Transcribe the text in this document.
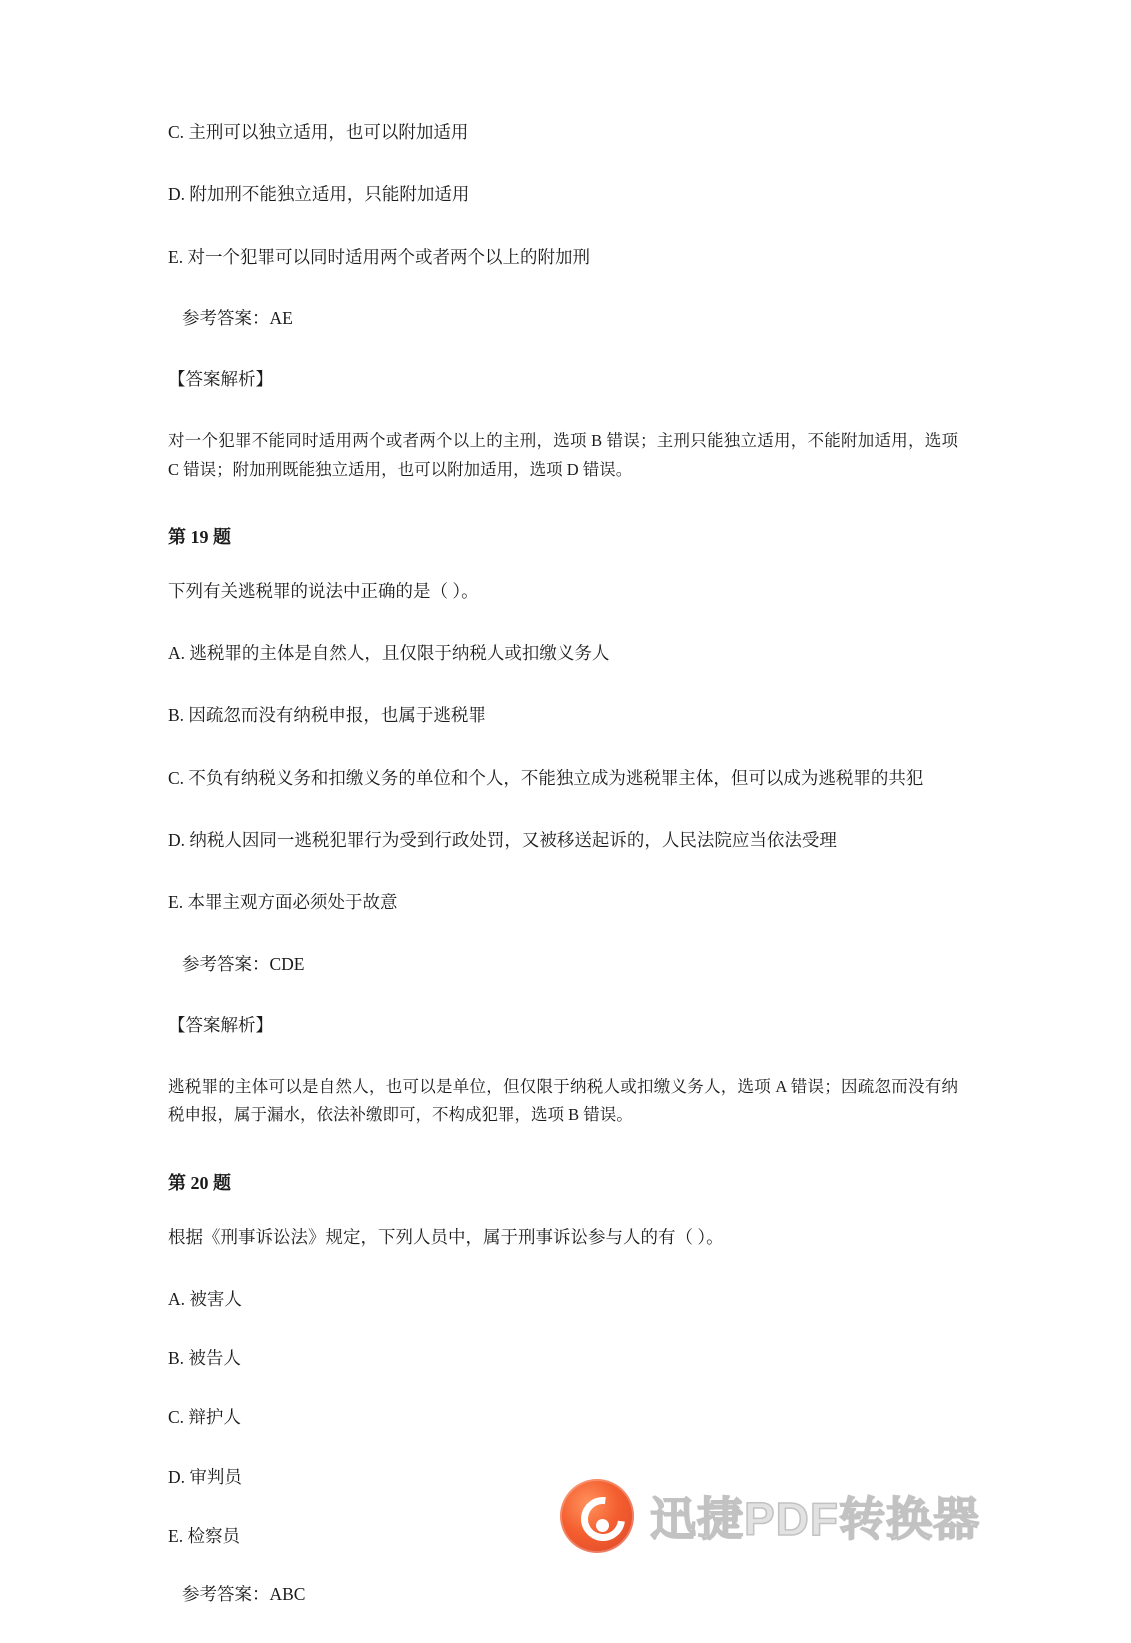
C. 主刑可以独立适用，也可以附加适用
D. 附加刑不能独立适用，只能附加适用
E. 对一个犯罪可以同时适用两个或者两个以上的附加刑
参考答案：AE
【答案解析】
对一个犯罪不能同时适用两个或者两个以上的主刑，选项 B 错误；主刑只能独立适用，不能附加适用，选项 C 错误；附加刑既能独立适用，也可以附加适用，选项 D 错误。
第 19 题
下列有关逃税罪的说法中正确的是（ ）。
A. 逃税罪的主体是自然人，且仅限于纳税人或扣缴义务人
B. 因疏忽而没有纳税申报，也属于逃税罪
C. 不负有纳税义务和扣缴义务的单位和个人，不能独立成为逃税罪主体，但可以成为逃税罪的共犯
D. 纳税人因同一逃税犯罪行为受到行政处罚，又被移送起诉的，人民法院应当依法受理
E. 本罪主观方面必须处于故意
参考答案：CDE
【答案解析】
逃税罪的主体可以是自然人，也可以是单位，但仅限于纳税人或扣缴义务人，选项 A 错误；因疏忽而没有纳税申报，属于漏水，依法补缴即可，不构成犯罪，选项 B 错误。
第 20 题
根据《刑事诉讼法》规定，下列人员中，属于刑事诉讼参与人的有（ ）。
A. 被害人
B. 被告人
C. 辩护人
D. 审判员
E. 检察员
参考答案：ABC
迅捷PDF转换器
